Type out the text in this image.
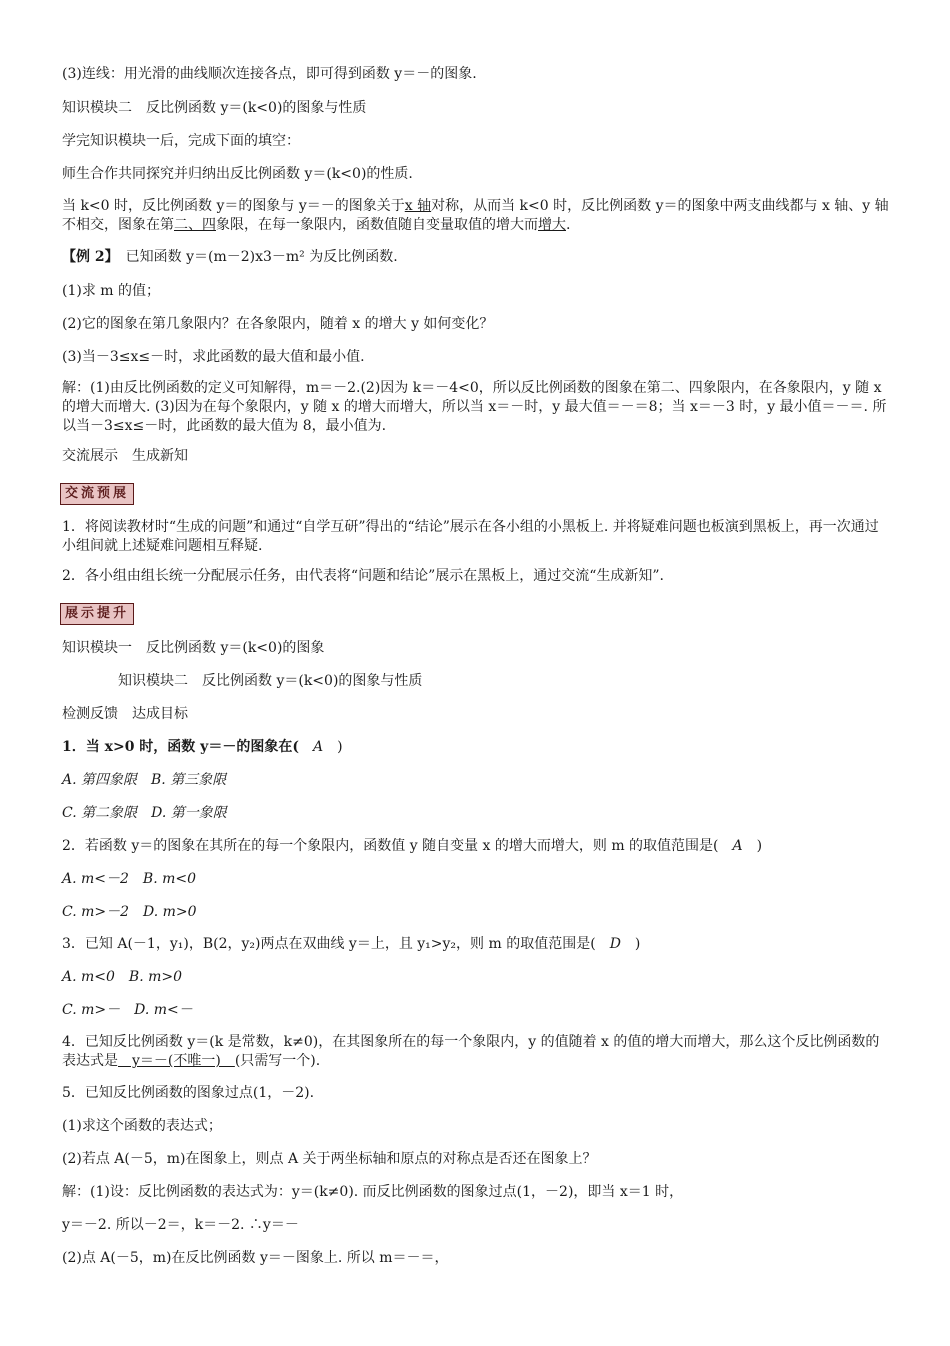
(3)连线：用光滑的曲线顺次连接各点，即可得到函数 y＝－的图象.
知识模块二　反比例函数 y＝(k<0)的图象与性质
学完知识模块一后，完成下面的填空：
师生合作共同探究并归纳出反比例函数 y＝(k<0)的性质.
当 k<0 时，反比例函数 y＝的图象与 y＝－的图象关于x 轴对称，从而当 k<0 时，反比例函数 y＝的图象中两支曲线都与 x 轴、y 轴不相交，图象在第二、四象限，在每一象限内，函数值随自变量取值的增大而增大.
【例 2】　已知函数 y＝(m－2)x3－m² 为反比例函数.
(1)求 m 的值；
(2)它的图象在第几象限内？在各象限内，随着 x 的增大 y 如何变化？
(3)当－3≤x≤－时，求此函数的最大值和最小值.
解：(1)由反比例函数的定义可知解得，m＝－2.(2)因为 k＝－4<0，所以反比例函数的图象在第二、四象限内，在各象限内，y 随 x 的增大而增大. (3)因为在每个象限内，y 随 x 的增大而增大，所以当 x＝－时，y 最大值＝－＝8；当 x＝－3 时，y 最小值＝－＝. 所以当－3≤x≤－时，此函数的最大值为 8，最小值为.
交流展示　生成新知
交流预展
1．将阅读教材时“生成的问题”和通过“自学互研”得出的“结论”展示在各小组的小黑板上. 并将疑难问题也板演到黑板上，再一次通过小组间就上述疑难问题相互释疑.
2．各小组由组长统一分配展示任务，由代表将“问题和结论”展示在黑板上，通过交流“生成新知”.
展示提升
知识模块一　反比例函数 y＝(k<0)的图象
知识模块二　反比例函数 y＝(k<0)的图象与性质
检测反馈　达成目标
1．当 x>0 时，函数 y＝－的图象在(　A　)
A. 第四象限　B. 第三象限
C. 第二象限　D. 第一象限
2．若函数 y＝的图象在其所在的每一个象限内，函数值 y 随自变量 x 的增大而增大，则 m 的取值范围是(　A　)
A. m<－2　B. m<0
C. m>－2　D. m>0
3．已知 A(－1，y₁)，B(2，y₂)两点在双曲线 y＝上，且 y₁>y₂，则 m 的取值范围是(　D　)
A. m<0　B. m>0
C. m>－　D. m<－
4．已知反比例函数 y＝(k 是常数，k≠0)，在其图象所在的每一个象限内，y 的值随着 x 的值的增大而增大，那么这个反比例函数的表达式是　y＝－(不唯一)　(只需写一个).
5．已知反比例函数的图象过点(1，－2).
(1)求这个函数的表达式；
(2)若点 A(－5，m)在图象上，则点 A 关于两坐标轴和原点的对称点是否还在图象上？
解：(1)设：反比例函数的表达式为：y＝(k≠0). 而反比例函数的图象过点(1，－2)，即当 x＝1 时，
y＝－2. 所以－2＝，k＝－2. ∴y＝－
(2)点 A(－5，m)在反比例函数 y＝－图象上. 所以 m＝－＝，
